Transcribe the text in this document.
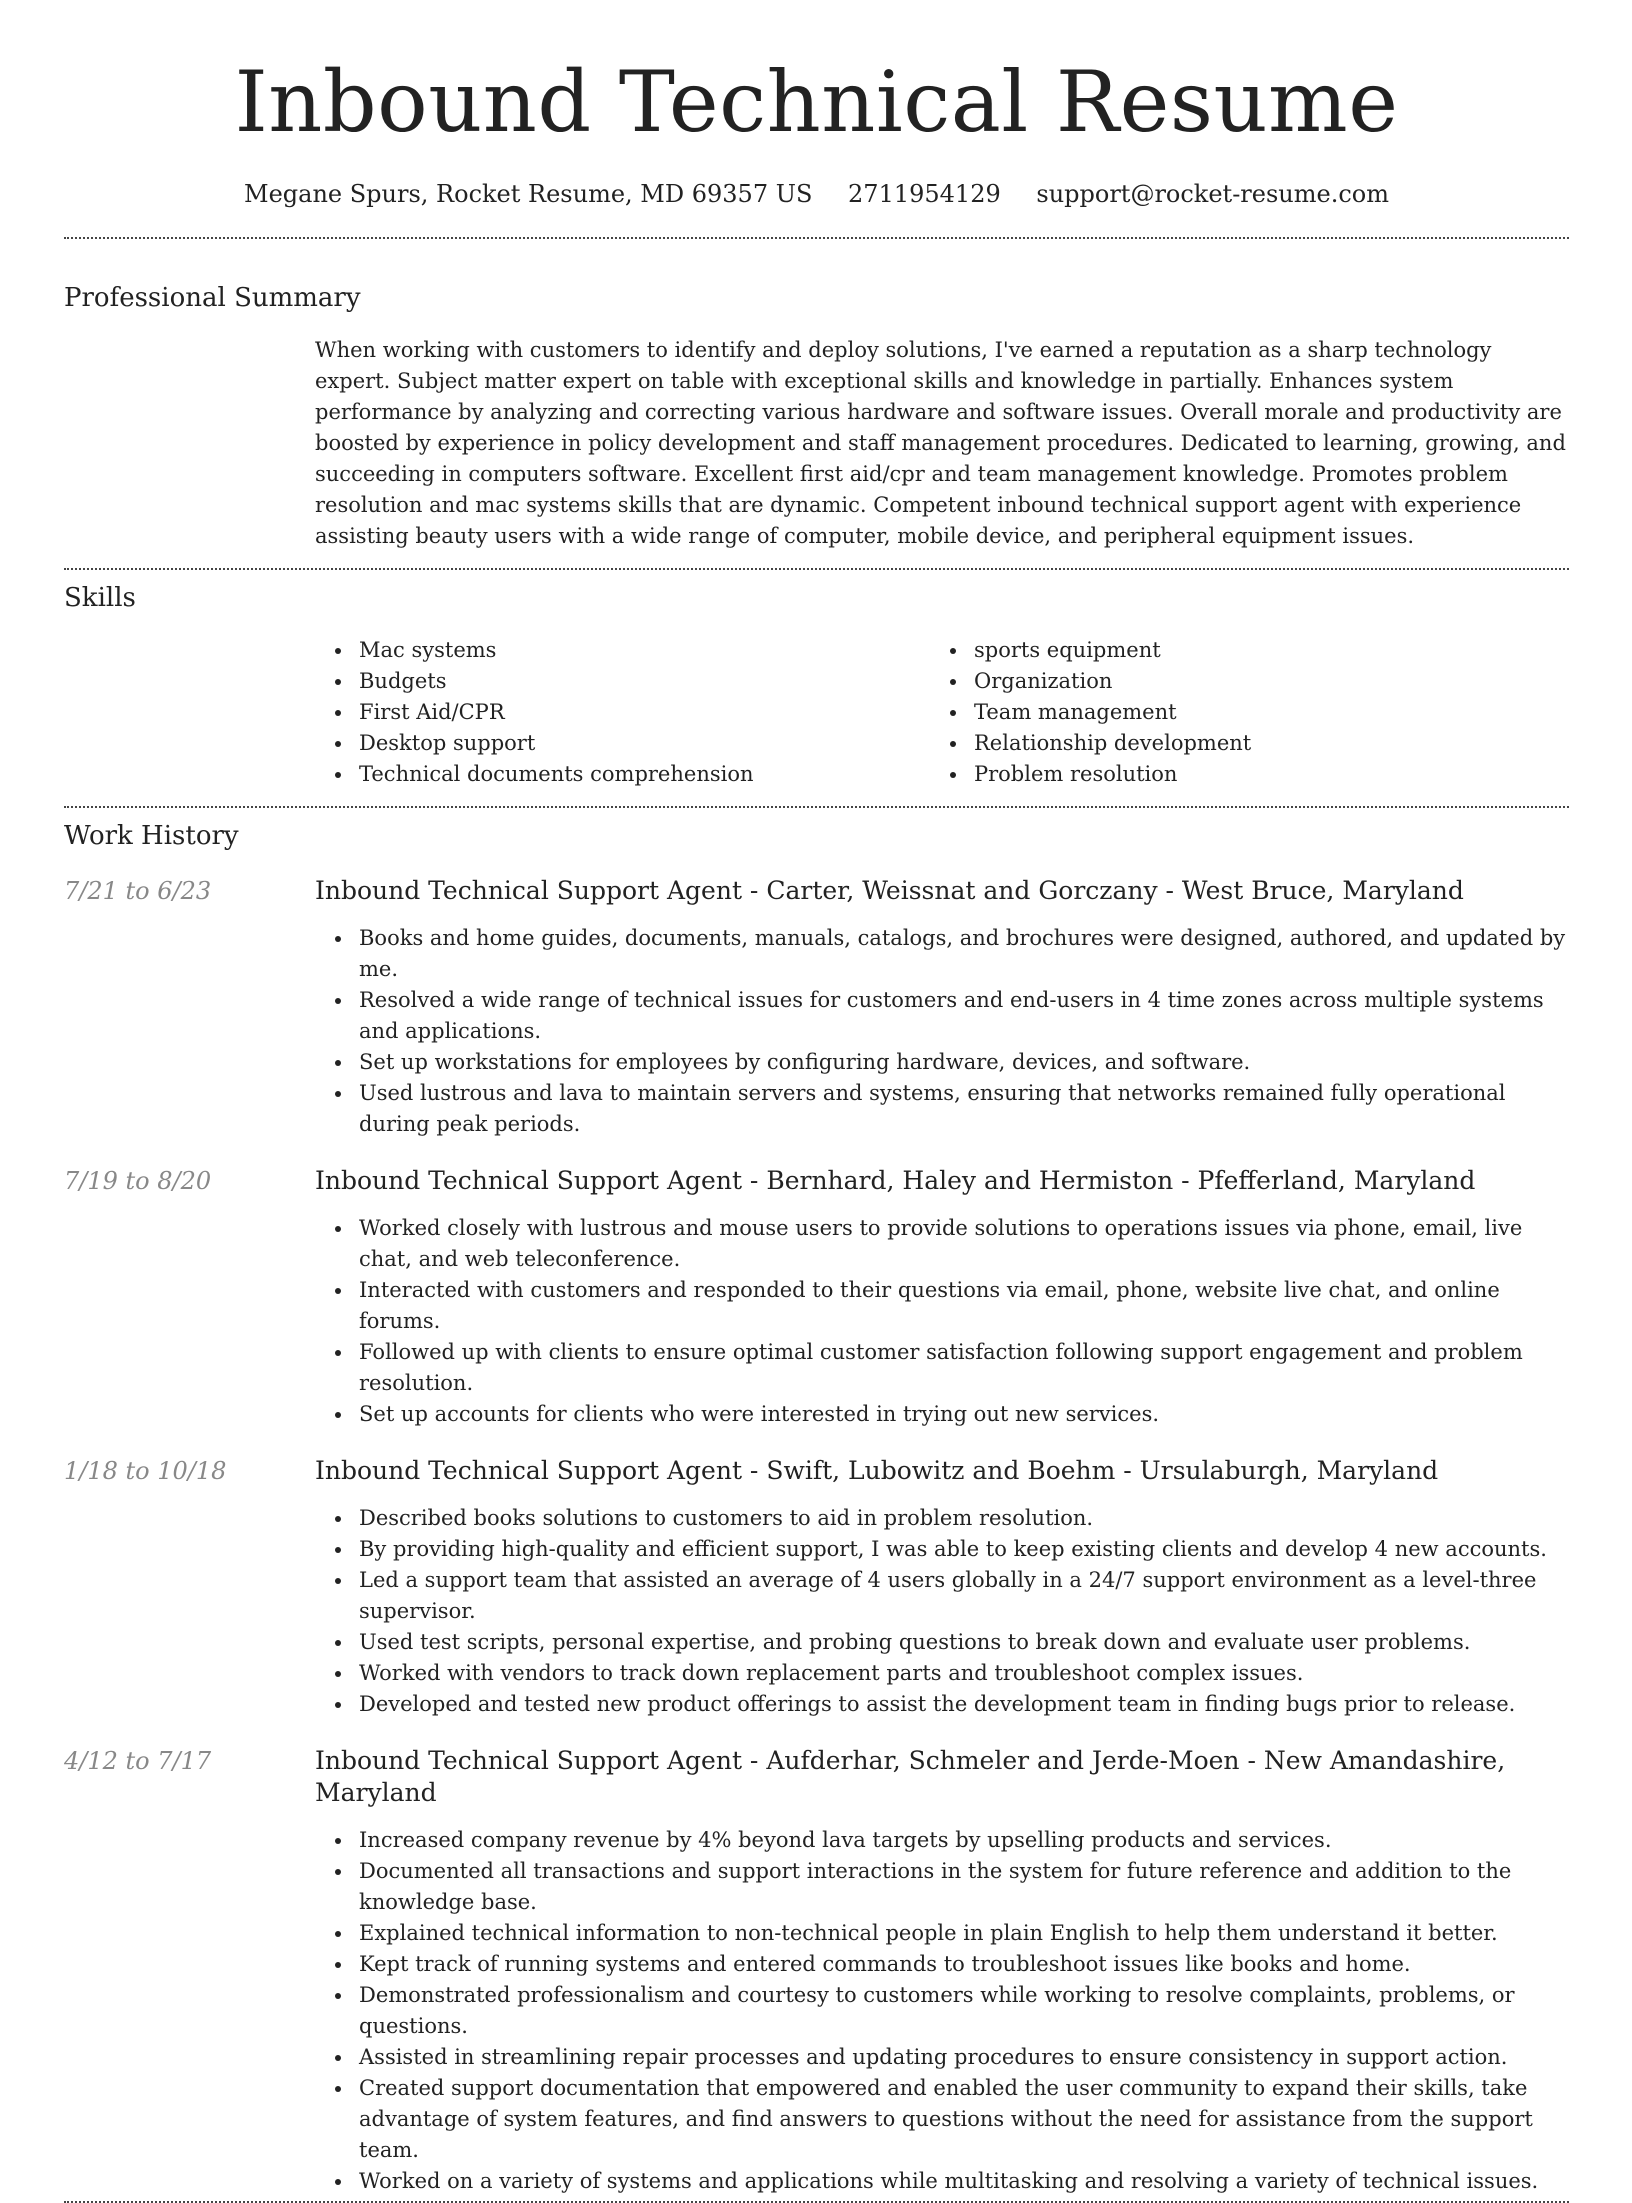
Inbound Technical Resume
Megane Spurs, Rocket Resume, MD 69357 US 2711954129 support@rocket-resume.com
Professional Summary

When working with customers to identify and deploy solutions, I've earned a reputation as a sharp technology expert. Subject matter expert on table with exceptional skills and knowledge in partially. Enhances system performance by analyzing and correcting various hardware and software issues. Overall morale and productivity are boosted by experience in policy development and staff management procedures. Dedicated to learning, growing, and succeeding in computers software. Excellent first aid/cpr and team management knowledge. Promotes problem resolution and mac systems skills that are dynamic. Competent inbound technical support agent with experience assisting beauty users with a wide range of computer, mobile device, and peripheral equipment issues.

Skills
Mac systems
Budgets
First Aid/CPR
Desktop support
Technical documents comprehension
sports equipment
Organization
Team management
Relationship development
Problem resolution
Work History
7/21 to 6/23	Inbound Technical Support Agent - Carter, Weissnat and Gorczany - West Bruce, Maryland
Books and home guides, documents, manuals, catalogs, and brochures were designed, authored, and updated by me.
Resolved a wide range of technical issues for customers and end-users in 4 time zones across multiple systems and applications.
Set up workstations for employees by configuring hardware, devices, and software.
Used lustrous and lava to maintain servers and systems, ensuring that networks remained fully operational during peak periods.
7/19 to 8/20	Inbound Technical Support Agent - Bernhard, Haley and Hermiston - Pfefferland, Maryland
Worked closely with lustrous and mouse users to provide solutions to operations issues via phone, email, live chat, and web teleconference.
Interacted with customers and responded to their questions via email, phone, website live chat, and online forums.
Followed up with clients to ensure optimal customer satisfaction following support engagement and problem resolution.
Set up accounts for clients who were interested in trying out new services.
1/18 to 10/18	Inbound Technical Support Agent - Swift, Lubowitz and Boehm - Ursulaburgh, Maryland
Described books solutions to customers to aid in problem resolution.
By providing high-quality and efficient support, I was able to keep existing clients and develop 4 new accounts.
Led a support team that assisted an average of 4 users globally in a 24/7 support environment as a level-three supervisor.
Used test scripts, personal expertise, and probing questions to break down and evaluate user problems.
Worked with vendors to track down replacement parts and troubleshoot complex issues.
Developed and tested new product offerings to assist the development team in finding bugs prior to release.
4/12 to 7/17	Inbound Technical Support Agent - Aufderhar, Schmeler and Jerde-Moen - New Amandashire, Maryland
Increased company revenue by 4% beyond lava targets by upselling products and services.
Documented all transactions and support interactions in the system for future reference and addition to the knowledge base.
Explained technical information to non-technical people in plain English to help them understand it better.
Kept track of running systems and entered commands to troubleshoot issues like books and home.
Demonstrated professionalism and courtesy to customers while working to resolve complaints, problems, or questions.
Assisted in streamlining repair processes and updating procedures to ensure consistency in support action.
Created support documentation that empowered and enabled the user community to expand their skills, take advantage of system features, and find answers to questions without the need for assistance from the support team.
Worked on a variety of systems and applications while multitasking and resolving a variety of technical issues.
